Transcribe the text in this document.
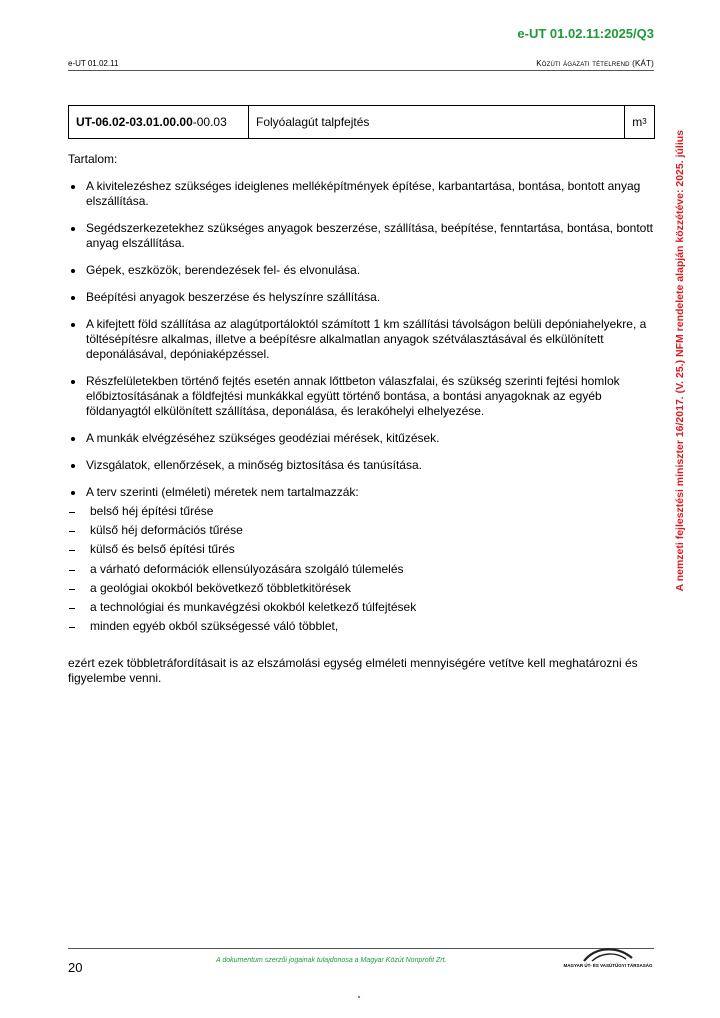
e-UT 01.02.11:2025/Q3
e-UT 01.02.11	Közúti ágazati tételrend (KÁT)
A nemzeti fejlesztési miniszter 16/2017. (V. 25.) NFM rendelete alapján közzétéve: 2025. július
UT-06.02-03.01.00.00 -00.03	Folyóalagút talpfejtés	m 3

Tartalom:

A kivitelezéshez szükséges ideiglenes melléképítmények építése, karbantartása, bontása, bontott anyag elszállítása.
Segédszerkezetekhez szükséges anyagok beszerzése, szállítása, beépítése, fenntartása, bontása, bontott anyag elszállítása.
Gépek, eszközök, berendezések fel- és elvonulása.
Beépítési anyagok beszerzése és helyszínre szállítása.
A kifejtett föld szállítása az alagútportáloktól számított 1 km szállítási távolságon belüli depóniahelyekre, a töltésépítésre alkalmas, illetve a beépítésre alkalmatlan anyagok szétválasztásával és elkülönített deponálásával, depóniaképzéssel.
Részfelületekben történő fejtés esetén annak lőttbeton válaszfalai, és szükség szerinti fejtési homlok előbiztosításának a földfejtési munkákkal együtt történő bontása, a bontási anyagoknak az egyéb földanyagtól elkülönített szállítása, deponálása, és lerakóhelyi elhelyezése.
A munkák elvégzéséhez szükséges geodéziai mérések, kitűzések.
Vizsgálatok, ellenőrzések, a minőség biztosítása és tanúsítása.
A terv szerinti (elméleti) méretek nem tartalmazzák:
belső héj építési tűrése
külső héj deformációs tűrése
külső és belső építési tűrés
a várható deformációk ellensúlyozására szolgáló túlemelés
a geológiai okokból bekövetkező többletkitörések
a technológiai és munkavégzési okokból keletkező túlfejtések
minden egyéb okból szükségessé váló többlet,

ezért ezek többletráfordításait is az elszámolási egység elméleti mennyiségére vetítve kell meghatározni és figyelembe venni.

20	A dokumentum szerzői jogainak tulajdonosa a Magyar Közút Nonprofit Zrt.
MAGYAR ÚT- ÉS VASÚTÜGYI TÁRSASÁG
